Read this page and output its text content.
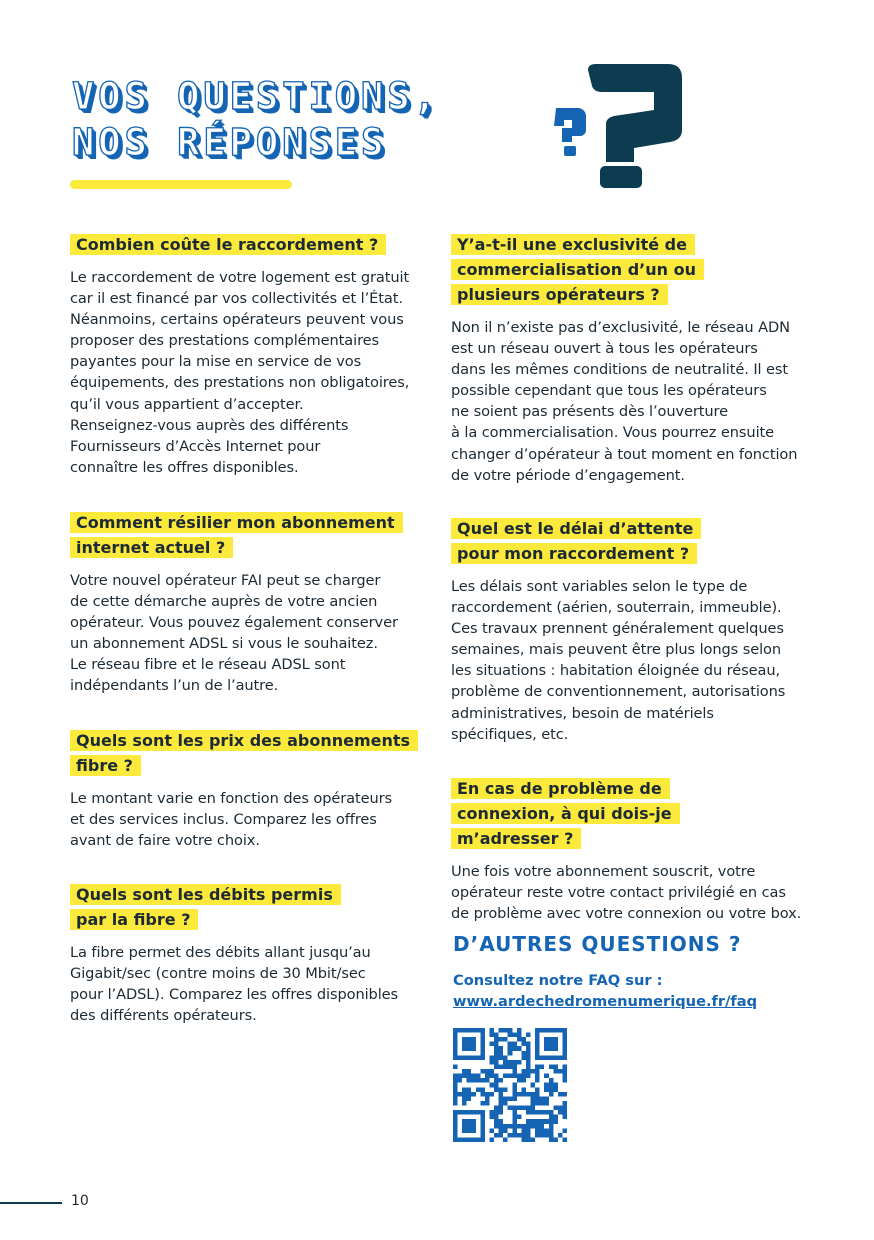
VOS QUESTIONS,
NOS RÉPONSES

Combien coûte le raccordement ?

Le raccordement de votre logement est gratuit
car il est financé par vos collectivités et l’État.
Néanmoins, certains opérateurs peuvent vous
proposer des prestations complémentaires
payantes pour la mise en service de vos
équipements, des prestations non obligatoires,
qu’il vous appartient d’accepter.
Renseignez-vous auprès des différents
Fournisseurs d’Accès Internet pour
connaître les offres disponibles.

Comment résilier mon abonnement internet actuel ?

Votre nouvel opérateur FAI peut se charger
de cette démarche auprès de votre ancien
opérateur. Vous pouvez également conserver
un abonnement ADSL si vous le souhaitez.
Le réseau fibre et le réseau ADSL sont
indépendants l’un de l’autre.

Quels sont les prix des abonnements fibre ?

Le montant varie en fonction des opérateurs
et des services inclus. Comparez les offres
avant de faire votre choix.

Quels sont les débits permis par la fibre ?

La fibre permet des débits allant jusqu’au
Gigabit/sec (contre moins de 30 Mbit/sec
pour l’ADSL). Comparez les offres disponibles
des différents opérateurs.

Y’a-t-il une exclusivité de commercialisation d’un ou plusieurs opérateurs ?

Non il n’existe pas d’exclusivité, le réseau ADN
est un réseau ouvert à tous les opérateurs
dans les mêmes conditions de neutralité. Il est
possible cependant que tous les opérateurs
ne soient pas présents dès l’ouverture
à la commercialisation. Vous pourrez ensuite
changer d’opérateur à tout moment en fonction
de votre période d’engagement.

Quel est le délai d’attente pour mon raccordement ?

Les délais sont variables selon le type de
raccordement (aérien, souterrain, immeuble).
Ces travaux prennent généralement quelques
semaines, mais peuvent être plus longs selon
les situations : habitation éloignée du réseau,
problème de conventionnement, autorisations
administratives, besoin de matériels
spécifiques, etc.

En cas de problème de connexion, à qui dois-je m’adresser ?

Une fois votre abonnement souscrit, votre
opérateur reste votre contact privilégié en cas
de problème avec votre connexion ou votre box.

D’AUTRES QUESTIONS ?
Consultez notre FAQ sur :
www.ardechedromenumerique.fr/faq
10
